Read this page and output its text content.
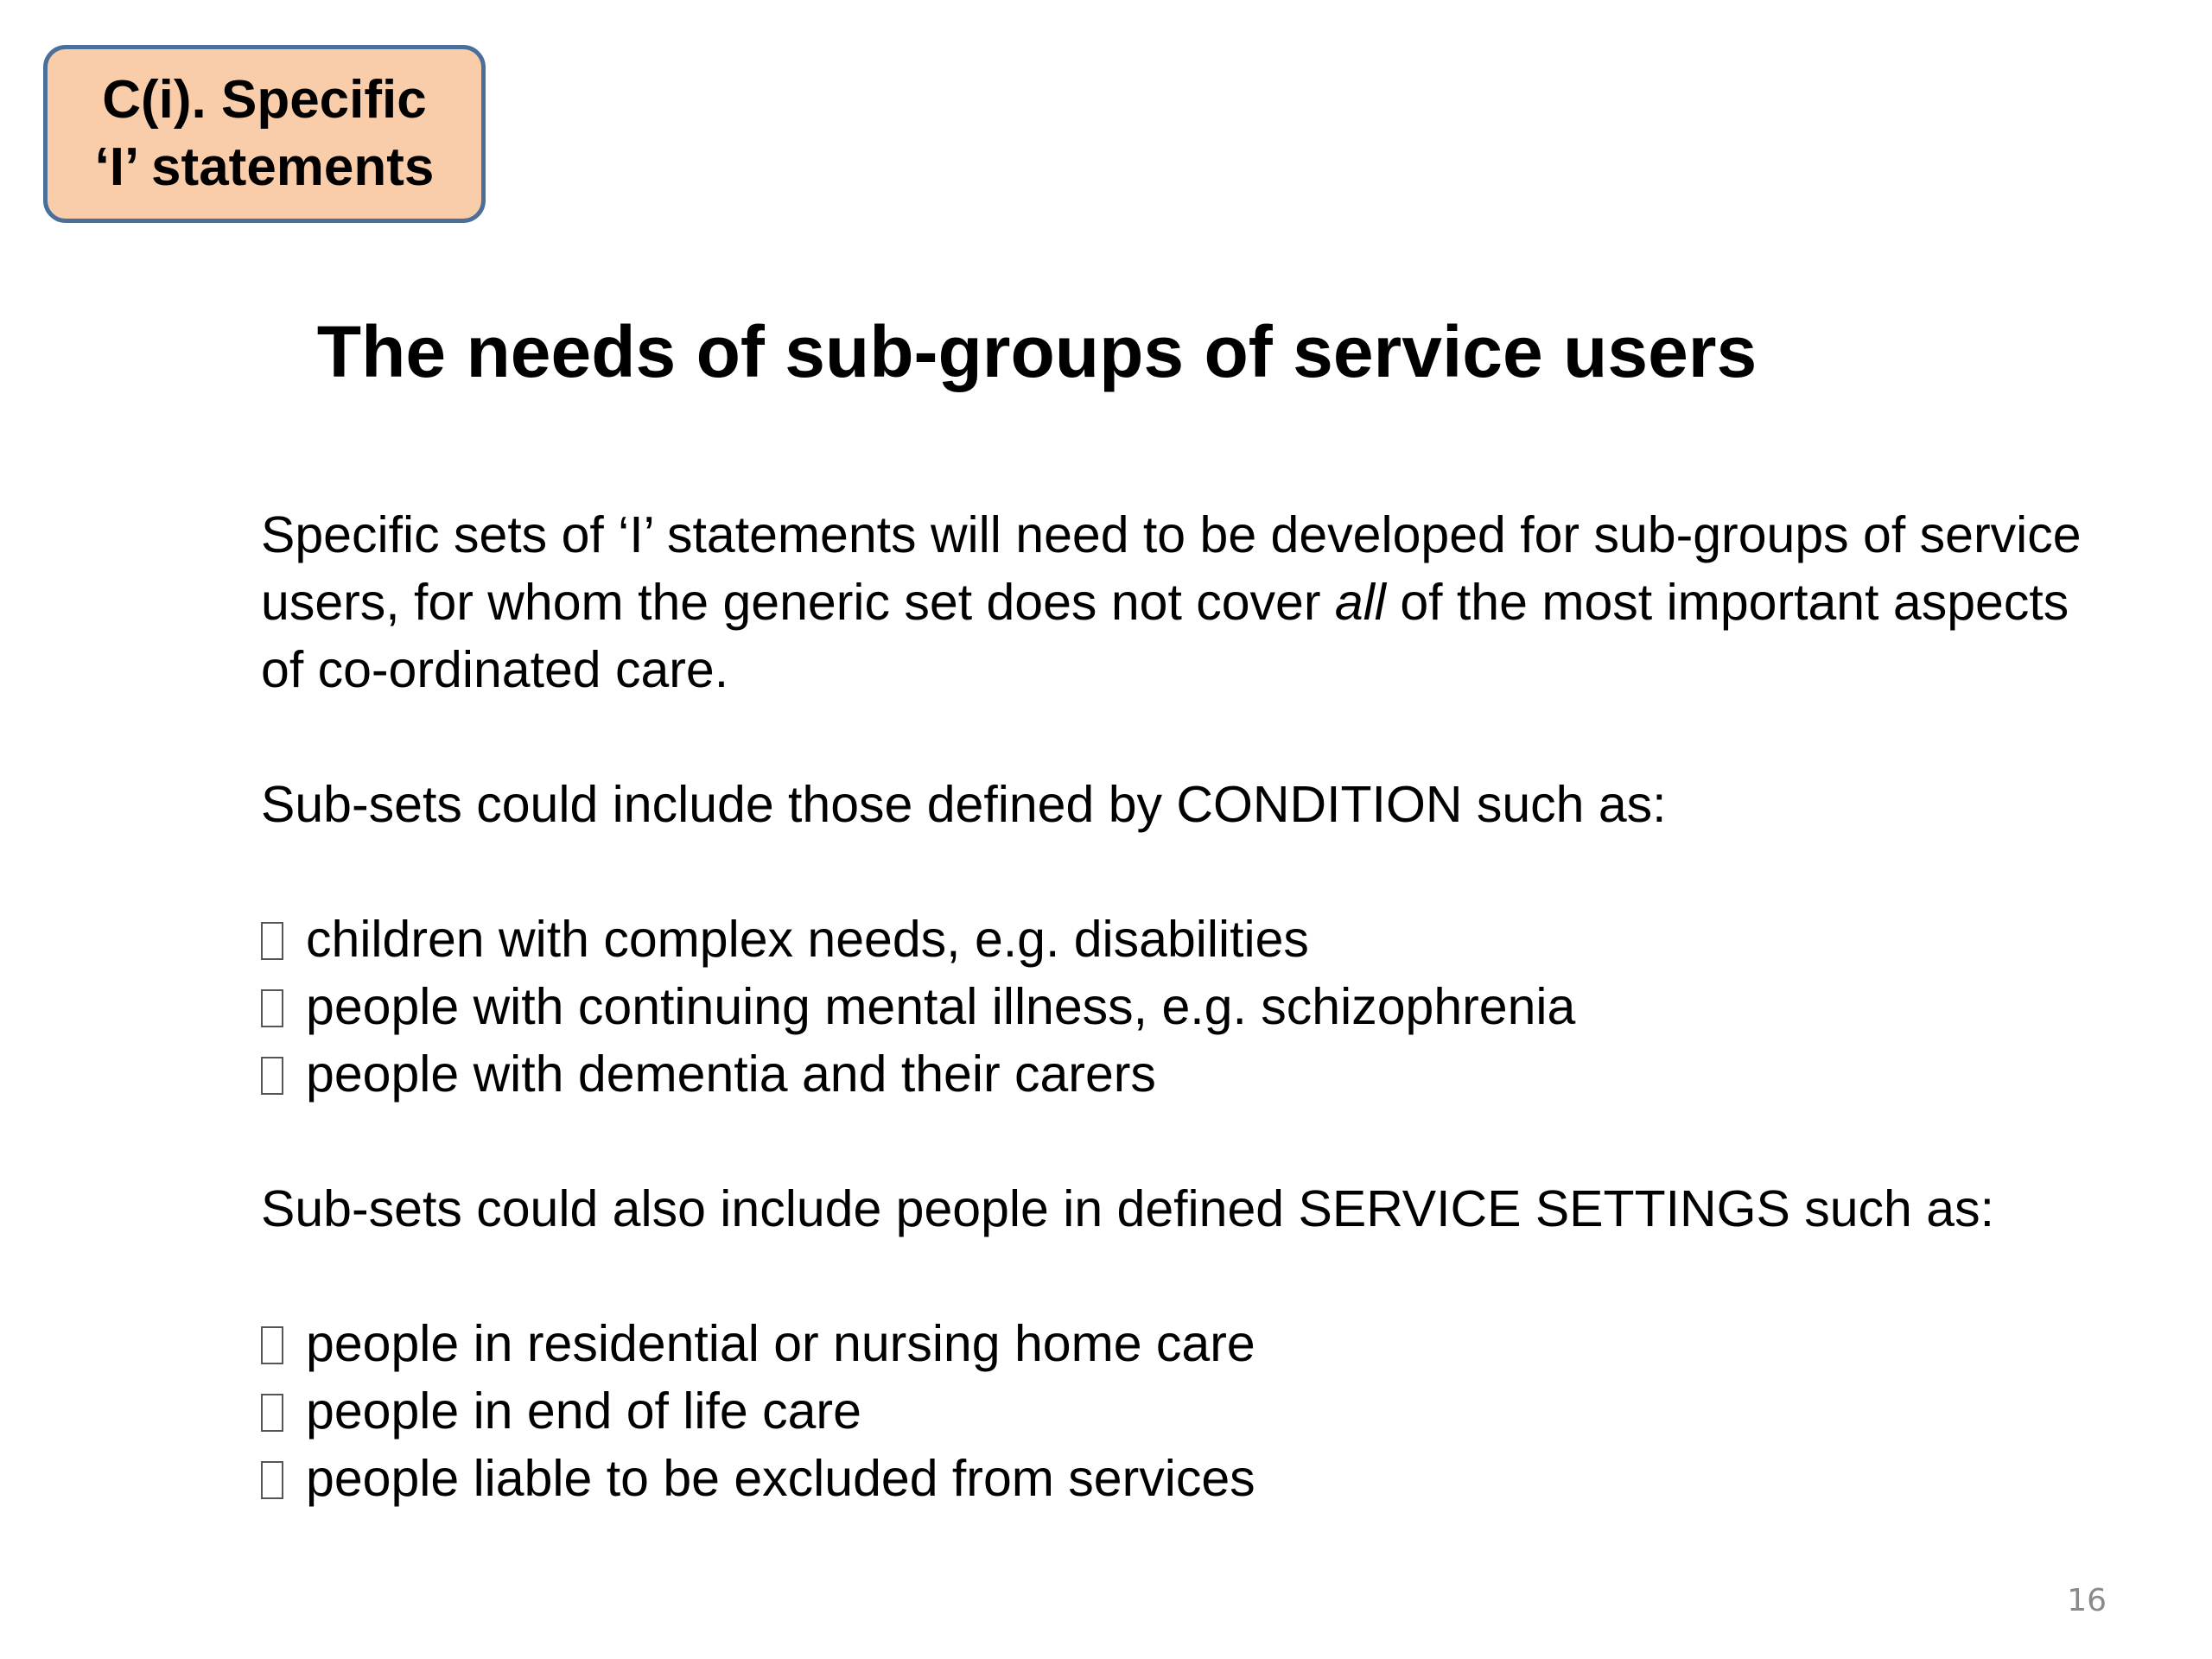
C(i). Specific
‘I’ statements
The needs of sub-groups of service users

Specific sets of ‘I’ statements will need to be developed for sub-groups of service users, for whom the generic set does not cover all of the most important aspects of co-ordinated care.

Sub-sets could include those defined by CONDITION such as:

children with complex needs, e.g. disabilities
people with continuing mental illness, e.g. schizophrenia
people with dementia and their carers

Sub-sets could also include people in defined SERVICE SETTINGS such as:

people in residential or nursing home care
people in end of life care
people liable to be excluded from services
16
